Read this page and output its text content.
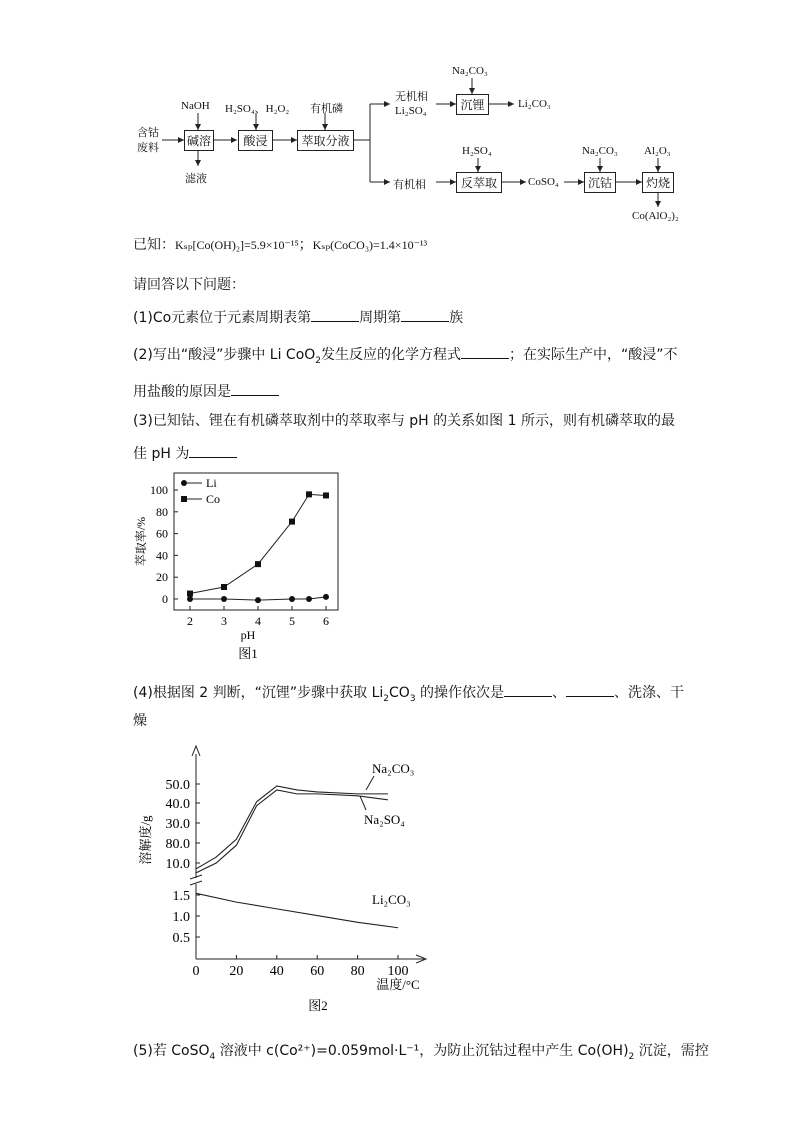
含钴
废料
NaOH
碱溶
滤液
H₂SO₄、H₂O₂
酸浸
有机磷
萃取分液
无机相
Li₂SO₄
Na₂CO₃
沉锂	Li₂CO₃
有机相
H₂SO₄
反萃取	CoSO₄
Na₂CO₃
沉钴
Al₂O₃
灼烧
Co(AlO₂)₂
已知：Kₛₚ[Co(OH)₂]=5.9×10⁻¹⁵；Kₛₚ(CoCO₃)=1.4×10⁻¹³
请回答以下问题：
(1)Co元素位于元素周期表第	周期第	族
(2)写出“酸浸”步骤中 Li CoO$_2$发生反应的化学方程式	；在实际生产中，“酸浸”不
用盐酸的原因是
(3)已知钴、锂在有机磷萃取剂中的萃取率与 pH 的关系如图 1 所示，则有机磷萃取的最
佳 pH 为
0
20
40
60
80
100
2 3 4 5 6
pH
图1
萃取率/%
Li
Co
(4)根据图 2 判断，“沉锂”步骤中获取 $Li_2CO_3$ 的操作依次是	、	、洗涤、干
燥
10.0
80.0
30.0
40.0
50.0
0.5
1.0
1.5
0 20 40 60 80 100
温度/°C
图2
溶解度/g
Na₂CO₃
Na₂SO₄
Li₂CO₃
(5)若 CoSO$_4$ 溶液中 c(Co²⁺)=0.059mol·L⁻¹，为防止沉钴过程中产生 $Co(OH)_2$ 沉淀，需控
